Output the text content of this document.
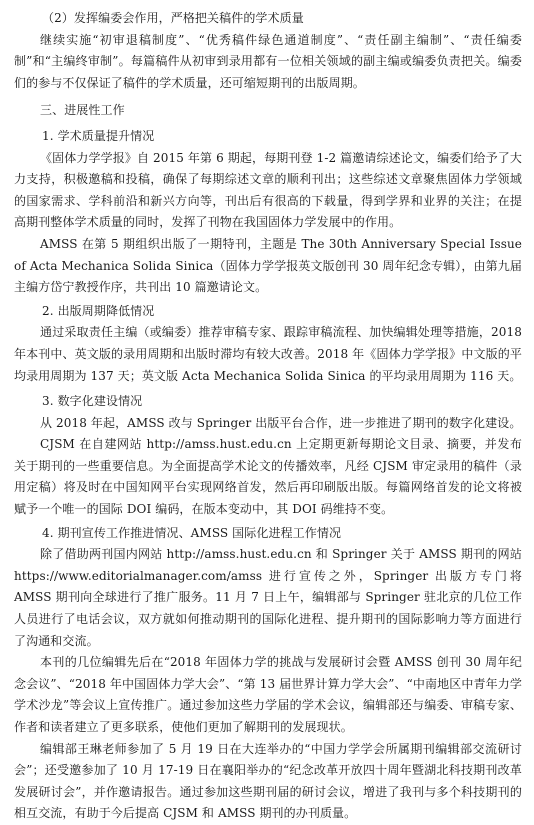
（2）发挥编委会作用，严格把关稿件的学术质量

继续实施“初审退稿制度”、“优秀稿件绿色通道制度”、“责任副主编制”、“责任编委制”和“主编终审制”。每篇稿件从初审到录用都有一位相关领域的副主编或编委负责把关。编委们的参与不仅保证了稿件的学术质量，还可缩短期刊的出版周期。

三、进展性工作

1. 学术质量提升情况

《固体力学学报》自 2015 年第 6 期起，每期刊登 1-2 篇邀请综述论文，编委们给予了大力支持，积极邀稿和投稿，确保了每期综述文章的顺利刊出；这些综述文章聚焦固体力学领域的国家需求、学科前沿和新兴方向等，刊出后有很高的下载量，得到学界和业界的关注；在提高期刊整体学术质量的同时，发挥了刊物在我国固体力学发展中的作用。

AMSS 在第 5 期组织出版了一期特刊，主题是 The 30th Anniversary Special Issue of Acta Mechanica Solida Sinica（固体力学学报英文版创刊 30 周年纪念专辑），由第九届主编方岱宁教授作序，共刊出 10 篇邀请论文。

2. 出版周期降低情况

通过采取责任主编（或编委）推荐审稿专家、跟踪审稿流程、加快编辑处理等措施，2018 年本刊中、英文版的录用周期和出版时滞均有较大改善。2018 年《固体力学学报》中文版的平均录用周期为 137 天；英文版 Acta Mechanica Solida Sinica 的平均录用周期为 116 天。

3. 数字化建设情况

从 2018 年起，AMSS 改与 Springer 出版平台合作，进一步推进了期刊的数字化建设。

CJSM 在自建网站 http://amss.hust.edu.cn 上定期更新每期论文目录、摘要，并发布关于期刊的一些重要信息。为全面提高学术论文的传播效率，凡经 CJSM 审定录用的稿件（录用定稿）将及时在中国知网平台实现网络首发，然后再印刷版出版。每篇网络首发的论文将被赋予一个唯一的国际 DOI 编码，在版本变动中，其 DOI 码维持不变。

4. 期刊宣传工作推进情况、AMSS 国际化进程工作情况

除了借助两刊国内网站 http://amss.hust.edu.cn 和 Springer 关于 AMSS 期刊的网站 https://www.editorialmanager.com/amss 进行宣传之外，Springer 出版方专门将 AMSS 期刊向全球进行了推广服务。11 月 7 日上午，编辑部与 Springer 驻北京的几位工作人员进行了电话会议，双方就如何推动期刊的国际化进程、提升期刊的国际影响力等方面进行了沟通和交流。

本刊的几位编辑先后在“2018 年固体力学的挑战与发展研讨会暨 AMSS 创刊 30 周年纪念会议”、“2018 年中国固体力学大会”、“第 13 届世界计算力学大会”、“中南地区中青年力学学术沙龙”等会议上宣传推广。通过参加这些力学届的学术会议，编辑部还与编委、审稿专家、作者和读者建立了更多联系，使他们更加了解期刊的发展现状。

编辑部王琳老师参加了 5 月 19 日在大连举办的“中国力学学会所属期刊编辑部交流研讨会”；还受邀参加了 10 月 17-19 日在襄阳举办的“纪念改革开放四十周年暨湖北科技期刊改革发展研讨会”，并作邀请报告。通过参加这些期刊届的研讨会议，增进了我刊与多个科技期刊的相互交流，有助于今后提高 CJSM 和 AMSS 期刊的办刊质量。
